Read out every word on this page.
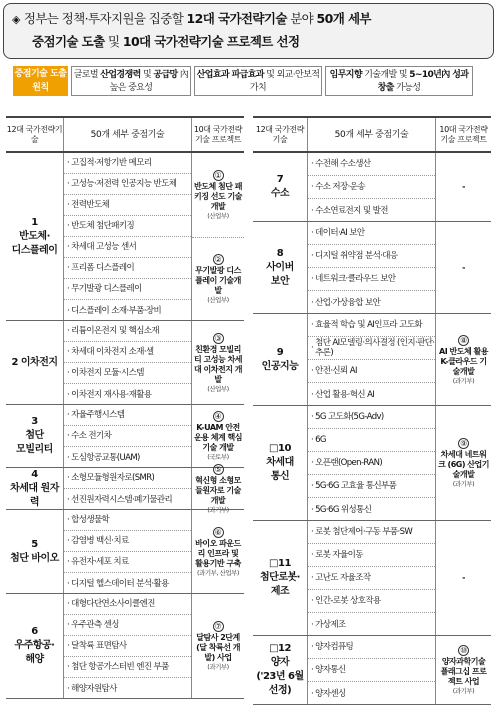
◈ 정부는 정책·투자지원을 집중할 12대 국가전략기술 분야 50개 세부
중점기술 도출 및 10대 국가전략기술 프로젝트 선정
중점기술 도출 원칙
글로벌 산업경쟁력 및 공급망 內 높은 중요성
산업효과 파급효과 및 외교·안보적 가치
임무지향 기술개발 및 5~10년內 성과창출 가능성
12대 국가전략기술	50개 세부 중점기술
10대 국가전략기술 프로젝트
1
반도체·
디스플레이
· 고집적·저항기반 메모리
· 고성능·저전력 인공지능 반도체
· 전력반도체
· 반도체 첨단패키징
· 차세대 고성능 센서
· 프리폼 디스플레이
· 무기발광 디스플레이
· 디스플레이 소재·부품·장비
①
반도체 첨단 패키징 선도 기술 개발
(산업부)
②
무기발광 디스플레이 기술개발
(산업부)
2 이차전지
· 리튬이온전지 및 핵심소재
· 차세대 이차전지 소재·셀
· 이차전지 모듈·시스템
· 이차전지 재사용·재활용
③
친환경 모빌리티 고성능 차세대 이차전지 개발
(산업부)
3
첨단
모빌리티
· 자율주행시스템
· 수소 전기차
· 도심항공교통(UAM)
④
K-UAM 안전운용 체계 핵심기술 개발
(국토부)
4
차세대 원자력
· 소형모듈형원자로(SMR)
· 선진원자력시스템·폐기물관리
⑤
혁신형 소형모듈원자로 기술개발
(과기부)
5
첨단 바이오
· 합성생물학
· 감염병 백신·치료
· 유전자·세포 치료
· 디지털 헬스데이터 분석·활용
⑥
바이오 파운드리 인프라 및 활용기반 구축
(과기부, 산업부)
6
우주항공·
해양
· 대형다단연소사이클엔진
· 우주관측 센싱
· 달착륙 표면탐사
· 첨단 항공가스터빈 엔진 부품
· 해양자원탐사
⑦
달탐사 2단계 (달 착륙선 개발) 사업
(과기부)
12대 국가전략기술	50개 세부 중점기술
10대 국가전략기술 프로젝트
7
수소
· 수전해 수소생산
· 수소 저장·운송
· 수소연료전지 및 발전
-
8
사이버
보안
· 데이터·AI 보안
· 디지털 취약점 분석·대응
· 네트워크·클라우드 보안
· 산업·가상융합 보안
-
9
인공지능
· 효율적 학습 및 AI인프라 고도화
· 첨단 AI모델링·의사결정 (인지·판단·추론)
· 안전·신뢰 AI
· 산업 활용·혁신 AI
⑧
AI 반도체 활용 K-클라우드 기술개발
(과기부)
□10
차세대
통신
· 5G 고도화(5G-Adv)
· 6G
· 오픈랜(Open-RAN)
· 5G·6G 고효율 통신부품
· 5G·6G 위성통신
⑨
차세대 네트워크 (6G) 산업기술개발
(과기부)
□11
첨단로봇·
제조
· 로봇 첨단제어·구동 부품·SW
· 로봇 자율이동
· 고난도 자율조작
· 인간-로봇 상호작용
· 가상제조
-
□12
양자
('23년 6월 선정)
· 양자컴퓨팅
· 양자통신
· 양자센싱
⑩
양자과학기술 플래그십 프로젝트 사업
(과기부)
